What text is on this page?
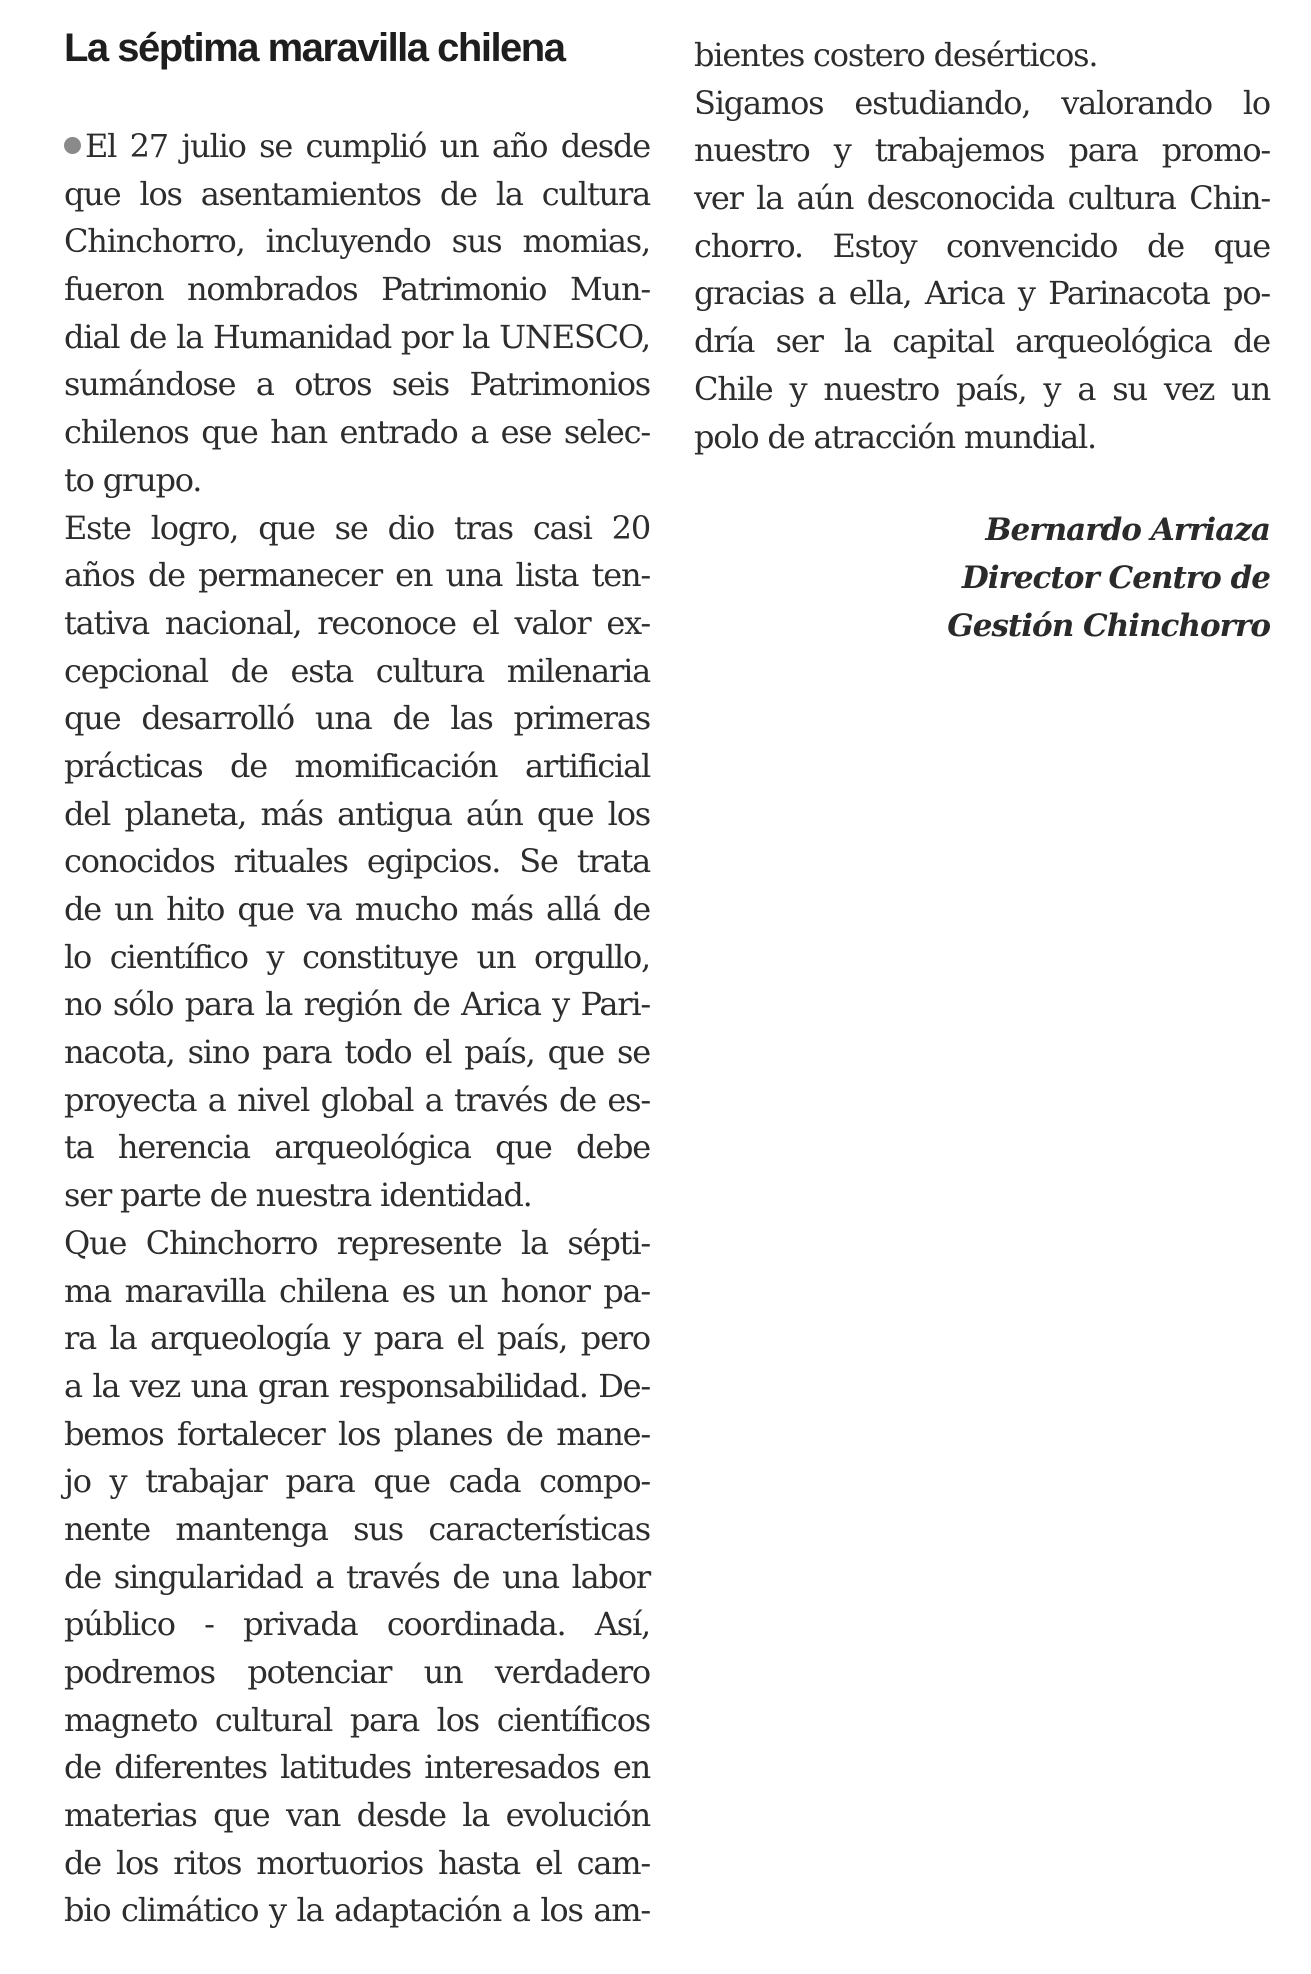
La séptima maravilla chilena
El 27 julio se cumplió un año desde
que los asentamientos de la cultura
Chinchorro, incluyendo sus momias,
fueron nombrados Patrimonio Mun-
dial de la Humanidad por la UNESCO,
sumándose a otros seis Patrimonios
chilenos que han entrado a ese selec-
to grupo.
Este logro, que se dio tras casi 20
años de permanecer en una lista ten-
tativa nacional, reconoce el valor ex-
cepcional de esta cultura milenaria
que desarrolló una de las primeras
prácticas de momificación artificial
del planeta, más antigua aún que los
conocidos rituales egipcios. Se trata
de un hito que va mucho más allá de
lo científico y constituye un orgullo,
no sólo para la región de Arica y Pari-
nacota, sino para todo el país, que se
proyecta a nivel global a través de es-
ta herencia arqueológica que debe
ser parte de nuestra identidad.
Que Chinchorro represente la sépti-
ma maravilla chilena es un honor pa-
ra la arqueología y para el país, pero
a la vez una gran responsabilidad. De-
bemos fortalecer los planes de mane-
jo y trabajar para que cada compo-
nente mantenga sus características
de singularidad a través de una labor
público - privada coordinada. Así,
podremos potenciar un verdadero
magneto cultural para los científicos
de diferentes latitudes interesados en
materias que van desde la evolución
de los ritos mortuorios hasta el cam-
bio climático y la adaptación a los am-
bientes costero desérticos.
Sigamos estudiando, valorando lo
nuestro y trabajemos para promo-
ver la aún desconocida cultura Chin-
chorro. Estoy convencido de que
gracias a ella, Arica y Parinacota po-
dría ser la capital arqueológica de
Chile y nuestro país, y a su vez un
polo de atracción mundial.
Bernardo Arriaza
Director Centro de
Gestión Chinchorro
